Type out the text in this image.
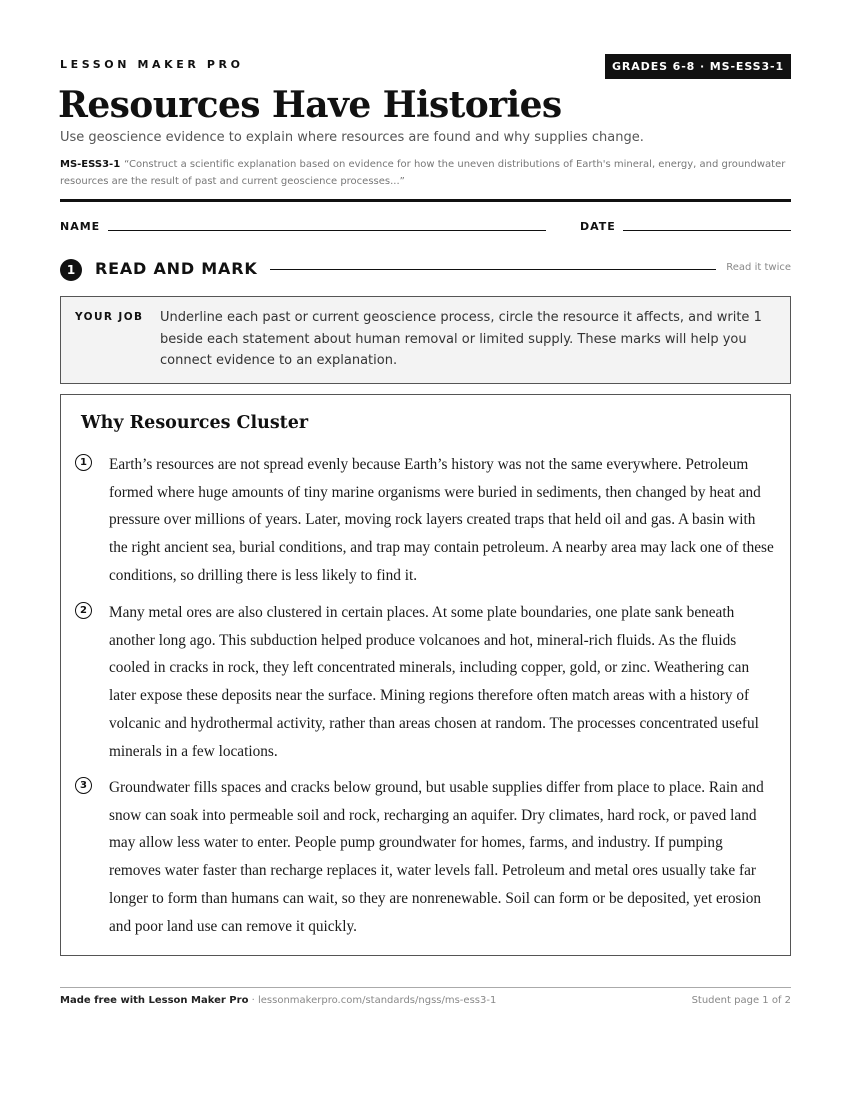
LESSON MAKER PRO	GRADES 6-8 · MS-ESS3-1
Resources Have Histories
Use geoscience evidence to explain where resources are found and why supplies change.
MS-ESS3-1 “Construct a scientific explanation based on evidence for how the uneven distributions of Earth's mineral, energy, and groundwater resources are the result of past and current geoscience processes...”
NAME	DATE
1	READ AND MARK	Read it twice
YOUR JOB Underline each past or current geoscience process, circle the resource it affects, and write 1 beside each statement about human removal or limited supply. These marks will help you connect evidence to an explanation.
Why Resources Cluster
1	Earth’s resources are not spread evenly because Earth’s history was not the same everywhere. Petroleum formed where huge amounts of tiny marine organisms were buried in sediments, then changed by heat and pressure over millions of years. Later, moving rock layers created traps that held oil and gas. A basin with the right ancient sea, burial conditions, and trap may contain petroleum. A nearby area may lack one of these conditions, so drilling there is less likely to find it.
2	Many metal ores are also clustered in certain places. At some plate boundaries, one plate sank beneath another long ago. This subduction helped produce volcanoes and hot, mineral-rich fluids. As the fluids cooled in cracks in rock, they left concentrated minerals, including copper, gold, or zinc. Weathering can later expose these deposits near the surface. Mining regions therefore often match areas with a history of volcanic and hydrothermal activity, rather than areas chosen at random. The processes concentrated useful minerals in a few locations.
3	Groundwater fills spaces and cracks below ground, but usable supplies differ from place to place. Rain and snow can soak into permeable soil and rock, recharging an aquifer. Dry climates, hard rock, or paved land may allow less water to enter. People pump groundwater for homes, farms, and industry. If pumping removes water faster than recharge replaces it, water levels fall. Petroleum and metal ores usually take far longer to form than humans can wait, so they are nonrenewable. Soil can form or be deposited, yet erosion and poor land use can remove it quickly.
Made free with Lesson Maker Pro · lessonmakerpro.com/standards/ngss/ms-ess3-1	Student page 1 of 2
